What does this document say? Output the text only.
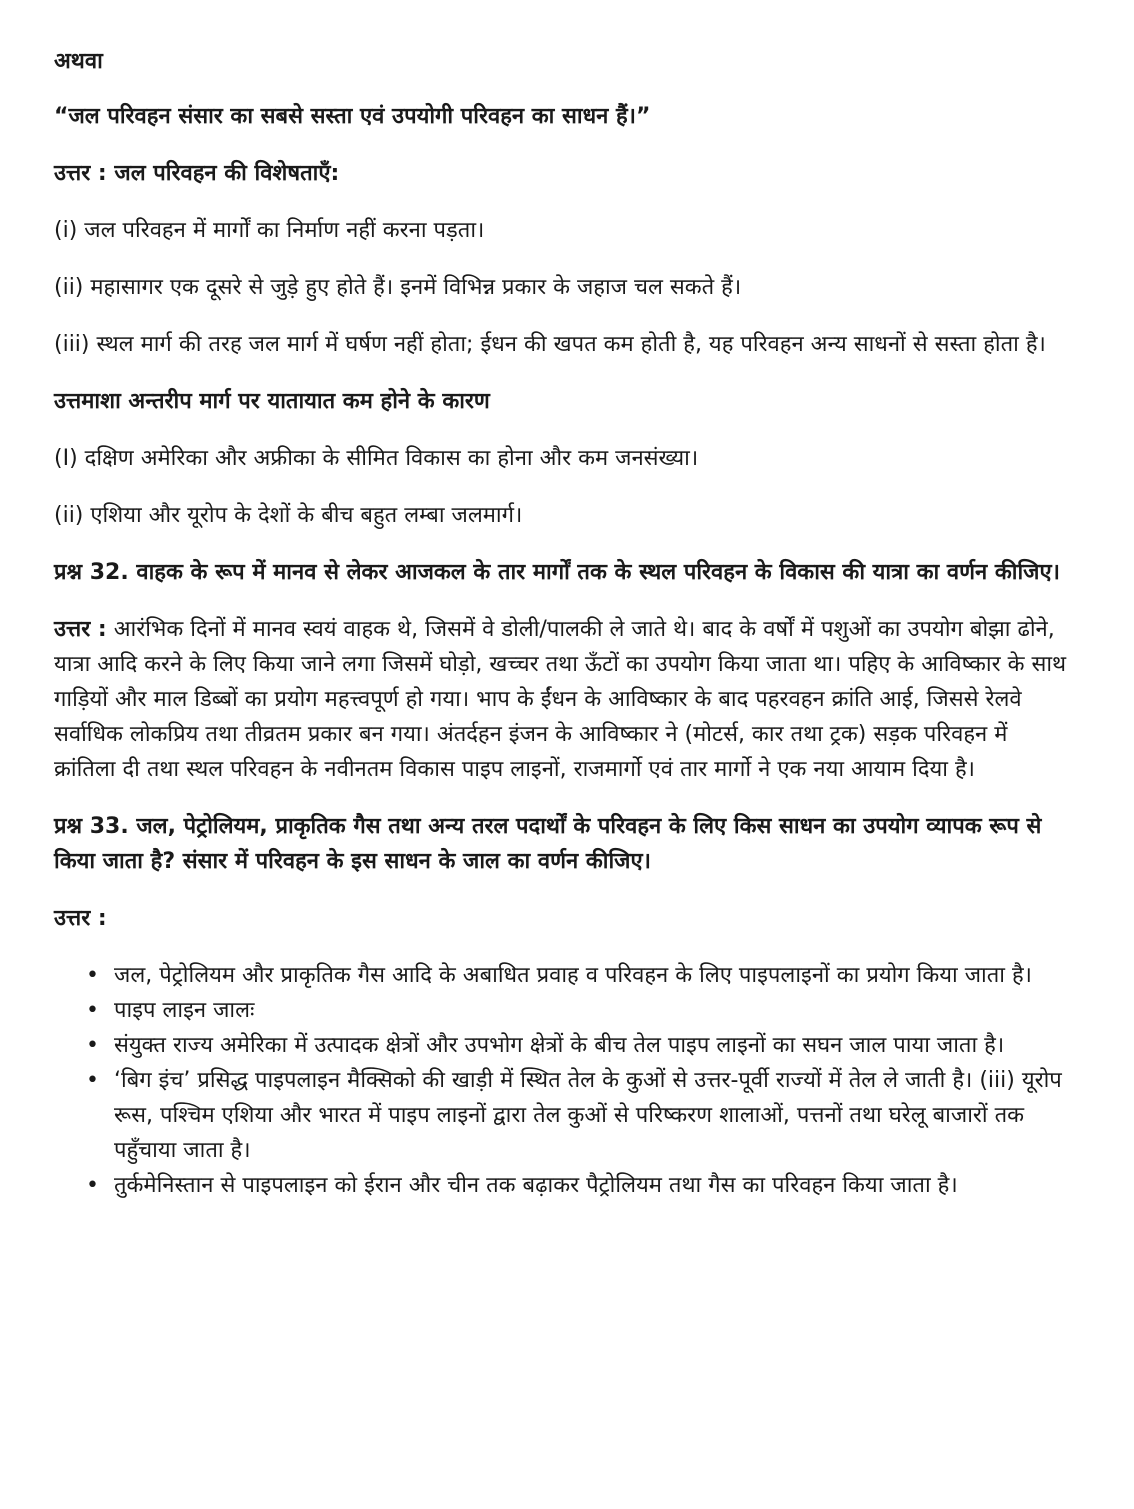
अथवा

“जल परिवहन संसार का सबसे सस्ता एवं उपयोगी परिवहन का साधन हैं।”

उत्तर : जल परिवहन की विशेषताएँ:

(i) जल परिवहन में मार्गों का निर्माण नहीं करना पड़ता।

(ii) महासागर एक दूसरे से जुड़े हुए होते हैं। इनमें विभिन्न प्रकार के जहाज चल सकते हैं।

(iii) स्थल मार्ग की तरह जल मार्ग में घर्षण नहीं होता; ईधन की खपत कम होती है, यह परिवहन अन्य साधनों से सस्ता होता है।

उत्तमाशा अन्तरीप मार्ग पर यातायात कम होने के कारण

(I) दक्षिण अमेरिका और अफ्रीका के सीमित विकास का होना और कम जनसंख्या।

(ii) एशिया और यूरोप के देशों के बीच बहुत लम्बा जलमार्ग।

प्रश्न 32. वाहक के रूप में मानव से लेकर आजकल के तार मार्गों तक के स्थल परिवहन के विकास की यात्रा का वर्णन कीजिए।

उत्तर : आरंभिक दिनों में मानव स्वयं वाहक थे, जिसमें वे डोली/पालकी ले जाते थे। बाद के वर्षों में पशुओं का उपयोग बोझा ढोने, यात्रा आदि करने के लिए किया जाने लगा जिसमें घोड़ो, खच्चर तथा ऊँटों का उपयोग किया जाता था। पहिए के आविष्कार के साथ गाड़ियों और माल डिब्बों का प्रयोग महत्त्वपूर्ण हो गया। भाप के ईंधन के आविष्कार के बाद पहरवहन क्रांति आई, जिससे रेलवे सर्वाधिक लोकप्रिय तथा तीव्रतम प्रकार बन गया। अंतर्दहन इंजन के आविष्कार ने (मोटर्स, कार तथा ट्रक) सड़क परिवहन में क्रांतिला दी तथा स्थल परिवहन के नवीनतम विकास पाइप लाइनों, राजमार्गो एवं तार मार्गो ने एक नया आयाम दिया है।

प्रश्न 33. जल, पेट्रोलियम, प्राकृतिक गैस तथा अन्य तरल पदार्थों के परिवहन के लिए किस साधन का उपयोग व्यापक रूप से किया जाता है? संसार में परिवहन के इस साधन के जाल का वर्णन कीजिए।

उत्तर :

• जल, पेट्रोलियम और प्राकृतिक गैस आदि के अबाधित प्रवाह व परिवहन के लिए पाइपलाइनों का प्रयोग किया जाता है।
• पाइप लाइन जालः
• संयुक्त राज्य अमेरिका में उत्पादक क्षेत्रों और उपभोग क्षेत्रों के बीच तेल पाइप लाइनों का सघन जाल पाया जाता है।
• ‘बिग इंच’ प्रसिद्ध पाइपलाइन मैक्सिको की खाड़ी में स्थित तेल के कुओं से उत्तर-पूर्वी राज्यों में तेल ले जाती है। (iii) यूरोप रूस, पश्चिम एशिया और भारत में पाइप लाइनों द्वारा तेल कुओं से परिष्करण शालाओं, पत्तनों तथा घरेलू बाजारों तक पहुँचाया जाता है।
• तुर्कमेनिस्तान से पाइपलाइन को ईरान और चीन तक बढ़ाकर पैट्रोलियम तथा गैस का परिवहन किया जाता है।
